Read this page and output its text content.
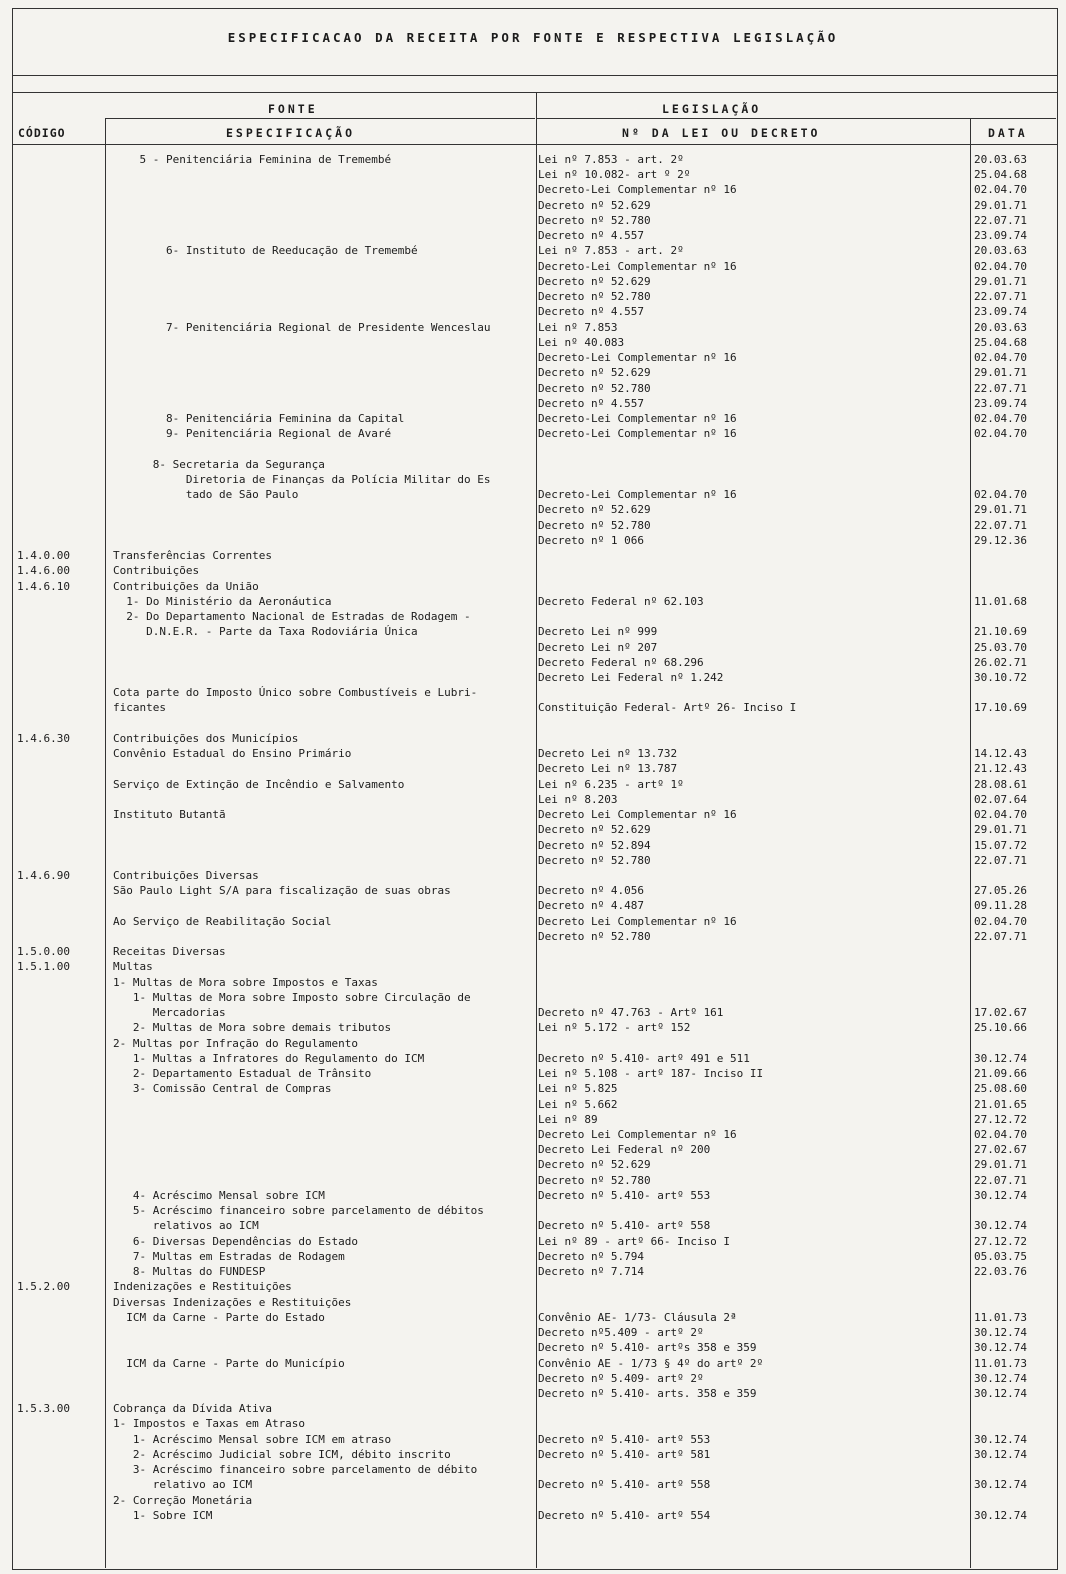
ESPECIFICACAO DA RECEITA POR FONTE E RESPECTIVA LEGISLAÇÃO
FONTE	LEGISLAÇÃO
CÓDIGO	ESPECIFICAÇÃO	Nº DA LEI OU DECRETO	DATA
5 - Penitenciária Feminina de Tremembé	Lei nº 7.853 - art. 2º	20.03.63
Lei nº 10.082- art º 2º	25.04.68
Decreto-Lei Complementar nº 16	02.04.70
Decreto nº 52.629	29.01.71
Decreto nº 52.780	22.07.71
Decreto nº 4.557	23.09.74
6- Instituto de Reeducação de Tremembé	Lei nº 7.853 - art. 2º	20.03.63
Decreto-Lei Complementar nº 16	02.04.70
Decreto nº 52.629	29.01.71
Decreto nº 52.780	22.07.71
Decreto nº 4.557	23.09.74
7- Penitenciária Regional de Presidente Wenceslau	Lei nº 7.853	20.03.63
Lei nº 40.083	25.04.68
Decreto-Lei Complementar nº 16	02.04.70
Decreto nº 52.629	29.01.71
Decreto nº 52.780	22.07.71
Decreto nº 4.557	23.09.74
8- Penitenciária Feminina da Capital	Decreto-Lei Complementar nº 16	02.04.70
9- Penitenciária Regional de Avaré	Decreto-Lei Complementar nº 16	02.04.70
8- Secretaria da Segurança
Diretoria de Finanças da Polícia Militar do Es
tado de São Paulo	Decreto-Lei Complementar nº 16	02.04.70
Decreto nº 52.629	29.01.71
Decreto nº 52.780	22.07.71
Decreto nº 1 066	29.12.36
1.4.0.00	Transferências Correntes
1.4.6.00	Contribuições
1.4.6.10	Contribuições da União
1- Do Ministério da Aeronáutica	Decreto Federal nº 62.103	11.01.68
2- Do Departamento Nacional de Estradas de Rodagem -
D.N.E.R. - Parte da Taxa Rodoviária Única	Decreto Lei nº 999	21.10.69
Decreto Lei nº 207	25.03.70
Decreto Federal nº 68.296	26.02.71
Decreto Lei Federal nº 1.242	30.10.72
Cota parte do Imposto Único sobre Combustíveis e Lubri-
ficantes	Constituição Federal- Artº 26- Inciso I	17.10.69
1.4.6.30	Contribuições dos Municípios
Convênio Estadual do Ensino Primário	Decreto Lei nº 13.732	14.12.43
Decreto Lei nº 13.787	21.12.43
Serviço de Extinção de Incêndio e Salvamento	Lei nº 6.235 - artº 1º	28.08.61
Lei nº 8.203	02.07.64
Instituto Butantã	Decreto Lei Complementar nº 16	02.04.70
Decreto nº 52.629	29.01.71
Decreto nº 52.894	15.07.72
Decreto nº 52.780	22.07.71
1.4.6.90	Contribuições Diversas
São Paulo Light S/A para fiscalização de suas obras	Decreto nº 4.056	27.05.26
Decreto nº 4.487	09.11.28
Ao Serviço de Reabilitação Social	Decreto Lei Complementar nº 16	02.04.70
Decreto nº 52.780	22.07.71
1.5.0.00	Receitas Diversas
1.5.1.00	Multas
1- Multas de Mora sobre Impostos e Taxas
1- Multas de Mora sobre Imposto sobre Circulação de
Mercadorias	Decreto nº 47.763 - Artº 161	17.02.67
2- Multas de Mora sobre demais tributos	Lei nº 5.172 - artº 152	25.10.66
2- Multas por Infração do Regulamento
1- Multas a Infratores do Regulamento do ICM	Decreto nº 5.410- artº 491 e 511	30.12.74
2- Departamento Estadual de Trânsito	Lei nº 5.108 - artº 187- Inciso II	21.09.66
3- Comissão Central de Compras	Lei nº 5.825	25.08.60
Lei nº 5.662	21.01.65
Lei nº 89	27.12.72
Decreto Lei Complementar nº 16	02.04.70
Decreto Lei Federal nº 200	27.02.67
Decreto nº 52.629	29.01.71
Decreto nº 52.780	22.07.71
4- Acréscimo Mensal sobre ICM	Decreto nº 5.410- artº 553	30.12.74
5- Acréscimo financeiro sobre parcelamento de débitos
relativos ao ICM	Decreto nº 5.410- artº 558	30.12.74
6- Diversas Dependências do Estado	Lei nº 89 - artº 66- Inciso I	27.12.72
7- Multas em Estradas de Rodagem	Decreto nº 5.794	05.03.75
8- Multas do FUNDESP	Decreto nº 7.714	22.03.76
1.5.2.00	Indenizações e Restituições
Diversas Indenizações e Restituições
ICM da Carne - Parte do Estado	Convênio AE- 1/73- Cláusula 2ª	11.01.73
Decreto nº5.409 - artº 2º	30.12.74
Decreto nº 5.410- artºs 358 e 359	30.12.74
ICM da Carne - Parte do Município	Convênio AE - 1/73 § 4º do artº 2º	11.01.73
Decreto nº 5.409- artº 2º	30.12.74
Decreto nº 5.410- arts. 358 e 359	30.12.74
1.5.3.00	Cobrança da Dívida Ativa
1- Impostos e Taxas em Atraso
1- Acréscimo Mensal sobre ICM em atraso	Decreto nº 5.410- artº 553	30.12.74
2- Acréscimo Judicial sobre ICM, débito inscrito	Decreto nº 5.410- artº 581	30.12.74
3- Acréscimo financeiro sobre parcelamento de débito
relativo ao ICM	Decreto nº 5.410- artº 558	30.12.74
2- Correção Monetária
1- Sobre ICM	Decreto nº 5.410- artº 554	30.12.74
